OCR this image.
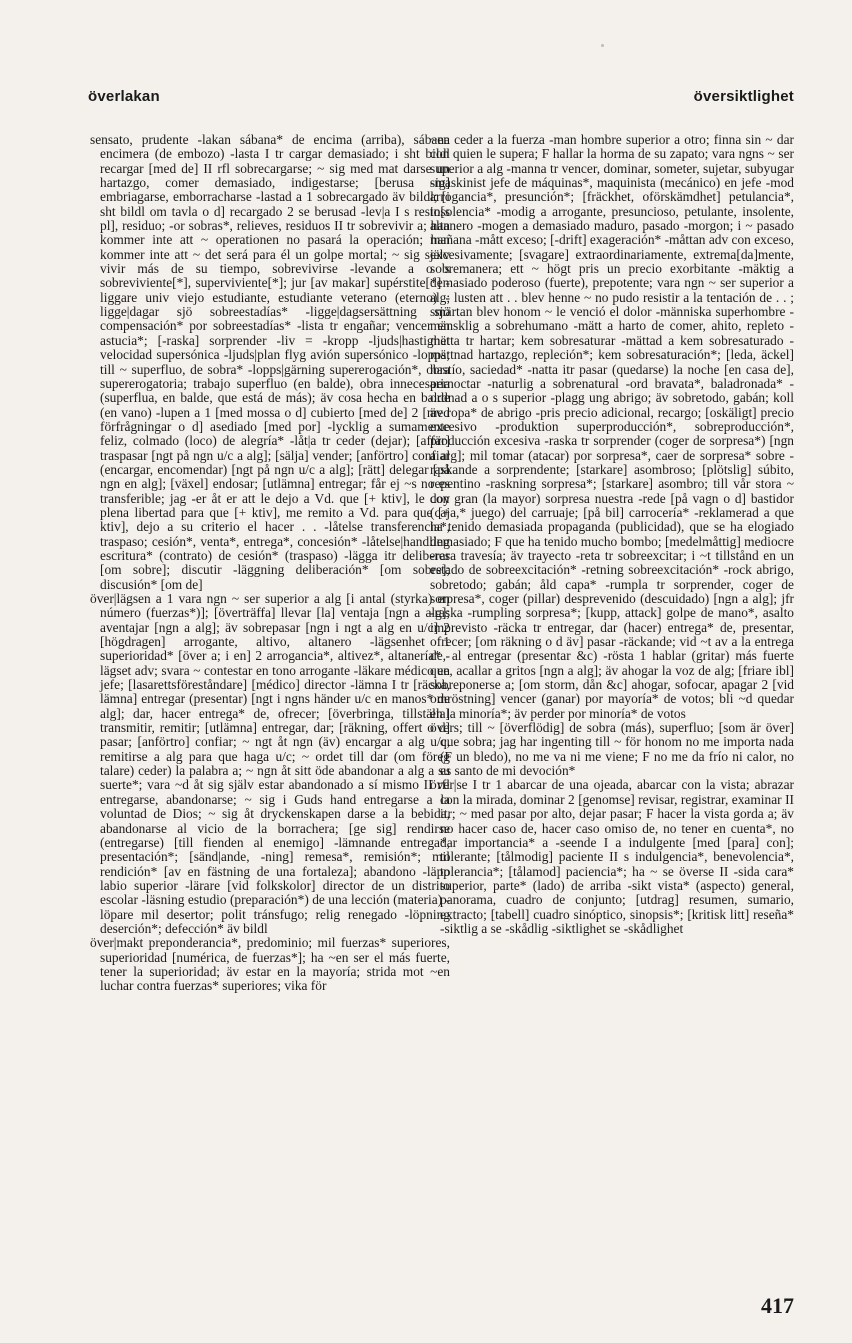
överlakan	översiktlighet

sensato, prudente -lakan sábana* de encima (arriba), sábana encimera (de embozo) -lasta I tr cargar demasiado; i sht bildl recargar [med de] II rfl sobrecargarse; ~ sig med mat darse un hartazgo, comer demasiado, indigestarse; [berusa sig] embriagarse, emborracharse -lastad a 1 sobrecargado äv bildl; [i sht bildl om tavla o d] recargado 2 se berusad -lev|a I s resto[s pl], residuo; -or sobras*, relieves, residuos II tr sobrevivir a; han kommer inte att ~ operationen no pasará la operación; han kommer inte att ~ det será para él un golpe mortal; ~ sig själv vivir más de su tiempo, sobrevivirse -levande a o s sobreviviente[*], superviviente[*]; jur [av makar] supérstite[*] -liggare univ viejo estudiante, estudiante veterano (eterno) -ligge|dagar sjö sobreestadías* -ligge|dagsersättning sjö compensación* por sobreestadías* -lista tr engañar; vencer en astucia*; [-raska] sorprender -liv = -kropp -ljuds|hastighet velocidad supersónica -ljuds|plan flyg avión supersónico -lopps; till ~ superfluo, de sobra* -lopps|gärning supererogación*, obra supererogatoria; trabajo superfluo (en balde), obra innecesaria (superflua, en balde, que está de más); äv cosa hecha en balde (en vano) -lupen a 1 [med mossa o d] cubierto [med de] 2 [med förfrågningar o d] asediado [med por] -lycklig a sumamente feliz, colmado (loco) de alegría* -låt|a tr ceder (dejar); [affär] traspasar [ngt på ngn u/c a alg]; [sälja] vender; [anförtro] confiar (encargar, encomendar) [ngt på ngn u/c a alg]; [rätt] delegar [på ngn en alg]; [växel] endosar; [utlämna] entregar; får ej ~s no es transferible; jag -er åt er att le dejo a Vd. que [+ ktiv], le doy plena libertad para que [+ ktiv], me remito a Vd. para que [+ ktiv], dejo a su criterio el hacer . . -låtelse transferencia*, traspaso; cesión*, venta*, entrega*, concesión* -låtelse|handling escritura* (contrato) de cesión* (traspaso) -lägga itr deliberar [om sobre]; discutir -läggning deliberación* [om sobre]; discusión* [om de]

över|lägsen a 1 vara ngn ~ ser superior a alg [i antal (styrka) en número (fuerzas*)]; [överträffa] llevar [la] ventaja [ngn a alg]; aventajar [ngn a alg]; äv sobrepasar [ngn i ngt a alg en u/c] 2 [högdragen] arrogante, altivo, altanero -lägsenhet 1 superioridad* [över a; i en] 2 arrogancia*, altivez*, altanería* -lägset adv; svara ~ contestar en tono arrogante -läkare médico en jefe; [lasarettsföreståndare] [médico] director -lämna I tr [räcka, lämna] entregar (presentar) [ngt i ngns händer u/c en manos* de alg]; dar, hacer entrega* de, ofrecer; [överbringa, tillställa] transmitir, remitir; [utlämna] entregar, dar; [räkning, offert o d] pasar; [anförtro] confiar; ~ ngt åt ngn (äv) encargar a alg u/c, remitirse a alg para que haga u/c; ~ ordet till dar (om föreg talare) ceder) la palabra a; ~ ngn åt sitt öde abandonar a alg a su suerte*; vara ~d åt sig själv estar abandonado a sí mismo II rfl entregarse, abandonarse; ~ sig i Guds hand entregarse a la voluntad de Dios; ~ sig åt dryckenskapen darse a la bebida, abandonarse al vicio de la borrachera; [ge sig] rendirse (entregarse) [till fienden al enemigo] -lämnande entrega*, presentación*; [sänd|ande, -ning] remesa*, remisión*; mil rendición* [av en fästning de una fortaleza]; abandono -läpp labio superior -lärare [vid folkskolor] director de un distrito escolar -läsning estudio (preparación*) de una lección (materia) -löpare mil desertor; polit tránsfugo; relig renegado -löpning deserción*; defección* äv bildl

över|makt preponderancia*, predominio; mil fuerzas* superiores, superioridad [numérica, de fuerzas*]; ha ~en ser el más fuerte, tener la superioridad; äv estar en la mayoría; strida mot ~en luchar contra fuerzas* superiores; vika för

~en ceder a la fuerza -man hombre superior a otro; finna sin ~ dar con quien le supera; F hallar la horma de su zapato; vara ngns ~ ser superior a alg -manna tr vencer, dominar, someter, sujetar, subyugar -maskinist jefe de máquinas*, maquinista (mecánico) en jefe -mod arrogancia*, presunción*; [fräckhet, oförskämdhet] petulancia*, insolencia* -modig a arrogante, presuncioso, petulante, insolente, altanero -mogen a demasiado maduro, pasado -morgon; i ~ pasado mañana -mått exceso; [-drift] exageración* -måttan adv con exceso, excesivamente; [svagare] extraordinariamente, extrema[da]mente, sobremanera; ett ~ högt pris un precio exorbitante -mäktig a demasiado poderoso (fuerte), prepotente; vara ngn ~ ser superior a alg; lusten att . . blev henne ~ no pudo resistir a la tentación de . . ; smärtan blev honom ~ le venció el dolor -människa superhombre -mänsklig a sobrehumano -mätt a harto de comer, ahito, repleto -mätta tr hartar; kem sobresaturar -mättad a kem sobresaturado -mättnad hartazgo, repleción*; kem sobresaturación*; [leda, äckel] hastío, saciedad* -natta itr pasar (quedarse) la noche [en casa de], pernoctar -naturlig a sobrenatural -ord bravata*, baladronada* -ordnad a o s superior -plagg ung abrigo; äv sobretodo, gabán; koll äv ropa* de abrigo -pris precio adicional, recargo; [oskäligt] precio excesivo -produktion superproducción*, sobreproducción*, producción excesiva -raska tr sorprender (coger de sorpresa*) [ngn a alg]; mil tomar (atacar) por sorpresa*, caer de sorpresa* sobre -raskande a sorprendente; [starkare] asombroso; [plötslig] súbito, repentino -raskning sorpresa*; [starkare] asombro; till vår stora ~ con gran (la mayor) sorpresa nuestra -rede [på vagn o d] bastidor (caja,* juego) del carruaje; [på bil] carrocería* -reklamerad a que ha tenido demasiada propaganda (publicidad), que se ha elogiado demasiado; F que ha tenido mucho bombo; [medelmåttig] mediocre -resa travesía; äv trayecto -reta tr sobreexcitar; i ~t tillstånd en un estado de sobreexcitación* -retning sobreexcitación* -rock abrigo, sobretodo; gabán; åld capa* -rumpla tr sorprender, coger de sorpresa*, coger (pillar) desprevenido (descuidado) [ngn a alg]; jfr -raska -rumpling sorpresa*; [kupp, attack] golpe de mano*, asalto imprevisto -räcka tr entregar, dar (hacer) entrega* de, presentar, ofrecer; [om räkning o d äv] pasar -räckande; vid ~t av a la entrega de, al entregar (presentar &c) -rösta 1 hablar (gritar) más fuerte que, acallar a gritos [ngn a alg]; äv ahogar la voz de alg; [friare ibl] sobreponerse a; [om storm, dån &c] ahogar, sofocar, apagar 2 [vid omröstning] vencer (ganar) por mayoría* de votos; bli ~d quedar en la minoría*; äv perder por minoría* de votos

övers; till ~ [överflödig] de sobra (más), superfluo; [som är över] que sobra; jag har ingenting till ~ för honom no me importa nada (F un bledo), no me va ni me viene; F no me da frío ni calor, no es santo de mi devoción*

över|se I tr 1 abarcar de una ojeada, abarcar con la vista; abrazar con la mirada, dominar 2 [genomse] revisar, registrar, examinar II itr; ~ med pasar por alto, dejar pasar; F hacer la vista gorda a; äv no hacer caso de, hacer caso omiso de, no tener en cuenta*, no dar importancia* a -seende I a indulgente [med [para] con]; tolerante; [tålmodig] paciente II s indulgencia*, benevolencia*, tolerancia*; [tålamod] paciencia*; ha ~ se överse II -sida cara* superior, parte* (lado) de arriba -sikt vista* (aspecto) general, panorama, cuadro de conjunto; [utdrag] resumen, sumario, extracto; [tabell] cuadro sinóptico, sinopsis*; [kritisk litt] reseña* -siktlig a se -skådlig -siktlighet se -skådlighet

417
